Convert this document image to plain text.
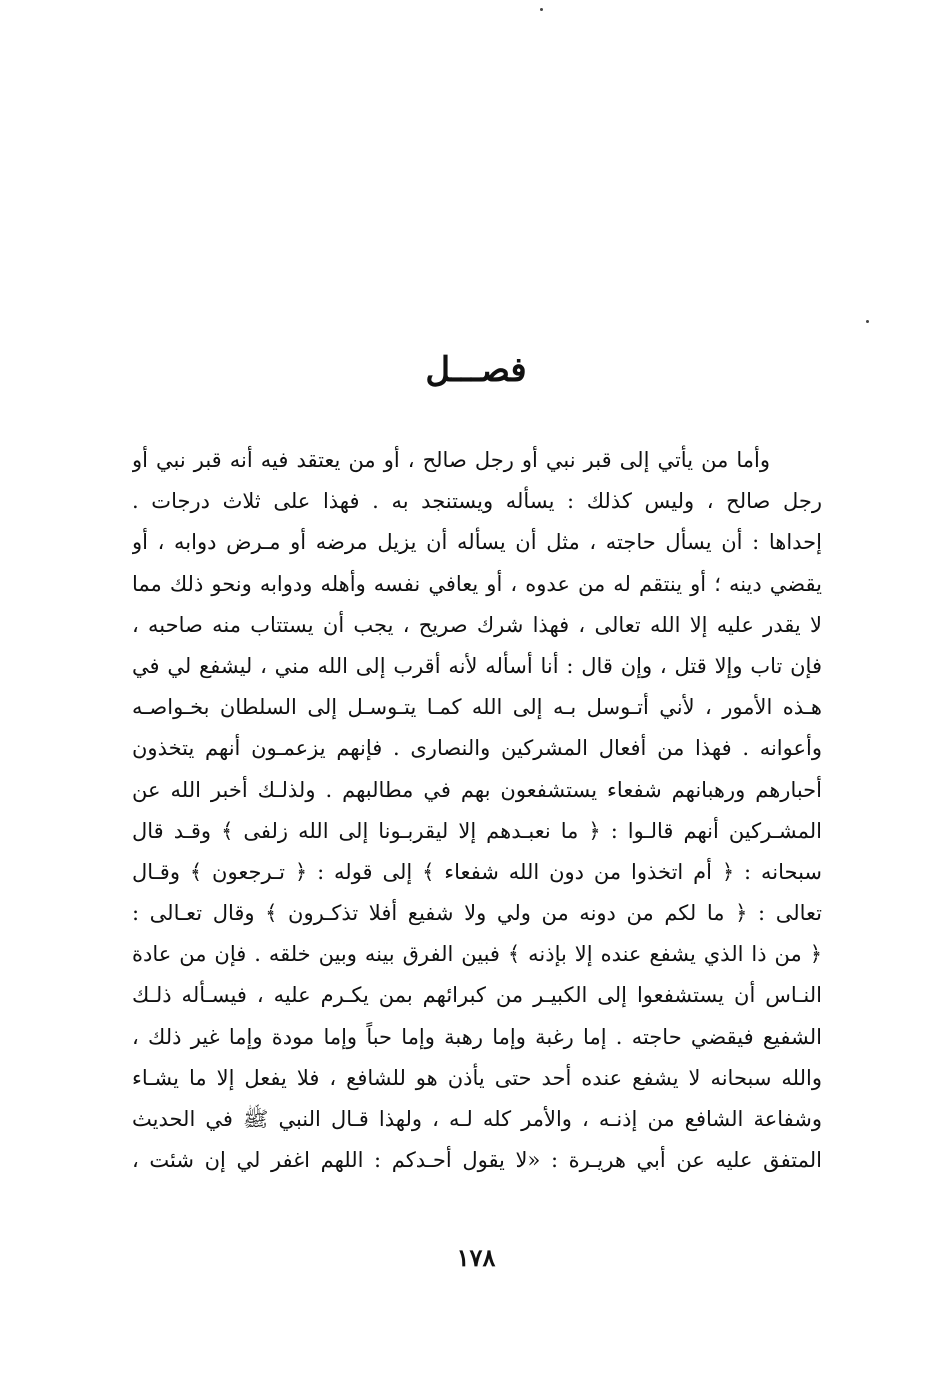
فصـــل
وأما من يأتي إلى قبر نبي أو رجل صالح ، أو من يعتقد فيه أنه قبر نبي أو
رجل صالح ، وليس كذلك : يسأله ويستنجد به . فهذا على ثلاث درجات .
إحداها : أن يسأل حاجته ، مثل أن يسأله أن يزيل مرضه أو مـرض دوابه ، أو
يقضي دينه ؛ أو ينتقم له من عدوه ، أو يعافي نفسه وأهله ودوابه ونحو ذلك مما
لا يقدر عليه إلا الله تعالى ، فهذا شرك صريح ، يجب أن يستتاب منه صاحبه ،
فإن تاب وإلا قتل ، وإن قال : أنا أسأله لأنه أقرب إلى الله مني ، ليشفع لي في
هـذه الأمور ، لأني أتـوسل بـه إلى الله كمـا يتـوسـل إلى السلطان بخـواصـه
وأعوانه . فهذا من أفعال المشركين والنصارى . فإنهم يزعمـون أنهم يتخذون
أحبارهم ورهبانهم شفعاء يستشفعون بهم في مطالبهم . ولذلـك أخبر الله عن
المشـركين أنهم قالـوا : ﴿ ما نعبـدهم إلا ليقربـونا إلى الله زلفى ﴾ وقـد قال
سبحانه : ﴿ أم اتخذوا من دون الله شفعاء ﴾ إلى قوله : ﴿ تـرجعون ﴾ وقـال
تعالى : ﴿ ما لكم من دونه من ولي ولا شفيع أفلا تذكـرون ﴾ وقال تعـالى :
﴿ من ذا الذي يشفع عنده إلا بإذنه ﴾ فبين الفرق بينه وبين خلقه . فإن من عادة
النـاس أن يستشفعوا إلى الكبيـر من كبرائهم بمن يكـرم عليه ، فيسـأله ذلـك
الشفيع فيقضي حاجته . إما رغبة وإما رهبة وإما حباً وإما مودة وإما غير ذلك ،
والله سبحانه لا يشفع عنده أحد حتى يأذن هو للشافع ، فلا يفعل إلا ما يشـاء
وشفاعة الشافع من إذنـه ، والأمر كله لـه ، ولهذا قـال النبي ﷺ في الحديث
المتفق عليه عن أبي هريـرة : «لا يقول أحـدكم : اللهم اغفر لي إن شئت ،
١٧٨
